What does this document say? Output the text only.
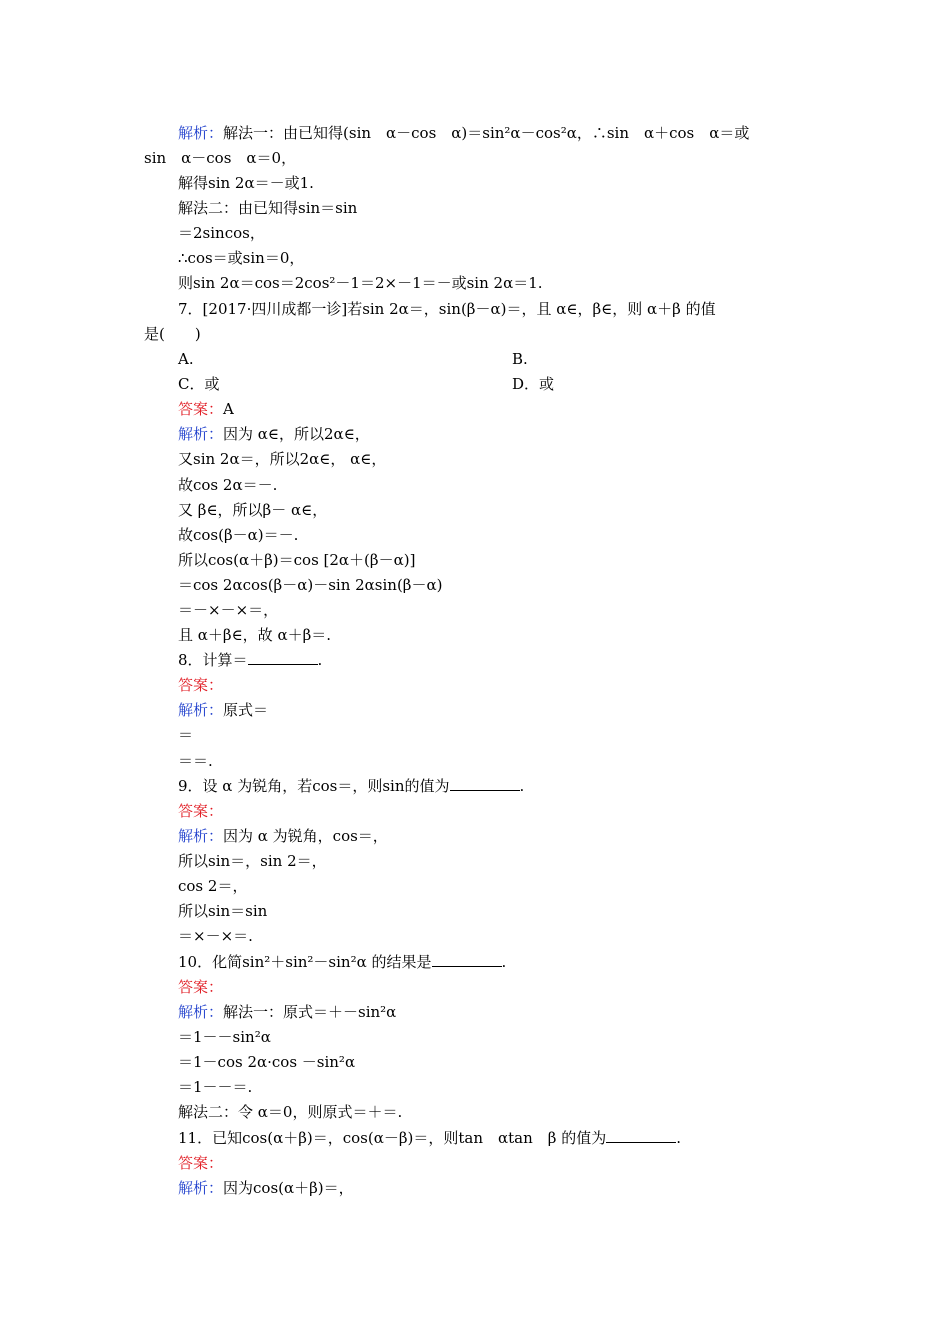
解析：解法一：由已知得(sin　α－cos　α)＝sin²α－cos²α，∴sin　α＋cos　α＝或
sin　α－cos　α＝0，
解得sin 2α＝－或1.
解法二：由已知得sin＝sin
＝2sincos，
∴cos＝或sin＝0，
则sin 2α＝cos＝2cos²－1＝2×－1＝－或sin 2α＝1.
7．[2017·四川成都一诊]若sin 2α＝，sin(β－α)＝，且 α∈，β∈，则 α＋β 的值
是(　　)
A.	B.
C．或	D．或
答案：A
解析：因为 α∈，所以2α∈，
又sin 2α＝，所以2α∈， α∈，
故cos 2α＝－.
又 β∈，所以β－ α∈，
故cos(β－α)＝－.
所以cos(α＋β)＝cos [2α＋(β－α)]
＝cos 2αcos(β－α)－sin 2αsin(β－α)
＝－×－×＝，
且 α＋β∈，故 α＋β＝.
8．计算＝	.
答案：
解析：原式＝
＝
＝＝.
9．设 α 为锐角，若cos＝，则sin的值为	.
答案：
解析：因为 α 为锐角，cos＝，
所以sin＝，sin 2＝，
cos 2＝，
所以sin＝sin
＝×－×＝.
10．化简sin²＋sin²－sin²α 的结果是	.
答案：
解析：解法一：原式＝＋－sin²α
＝1－－sin²α
＝1－cos 2α·cos －sin²α
＝1－－＝.
解法二：令 α＝0，则原式＝＋＝.
11．已知cos(α＋β)＝，cos(α－β)＝，则tan　αtan　β 的值为	.
答案：
解析：因为cos(α＋β)＝，
